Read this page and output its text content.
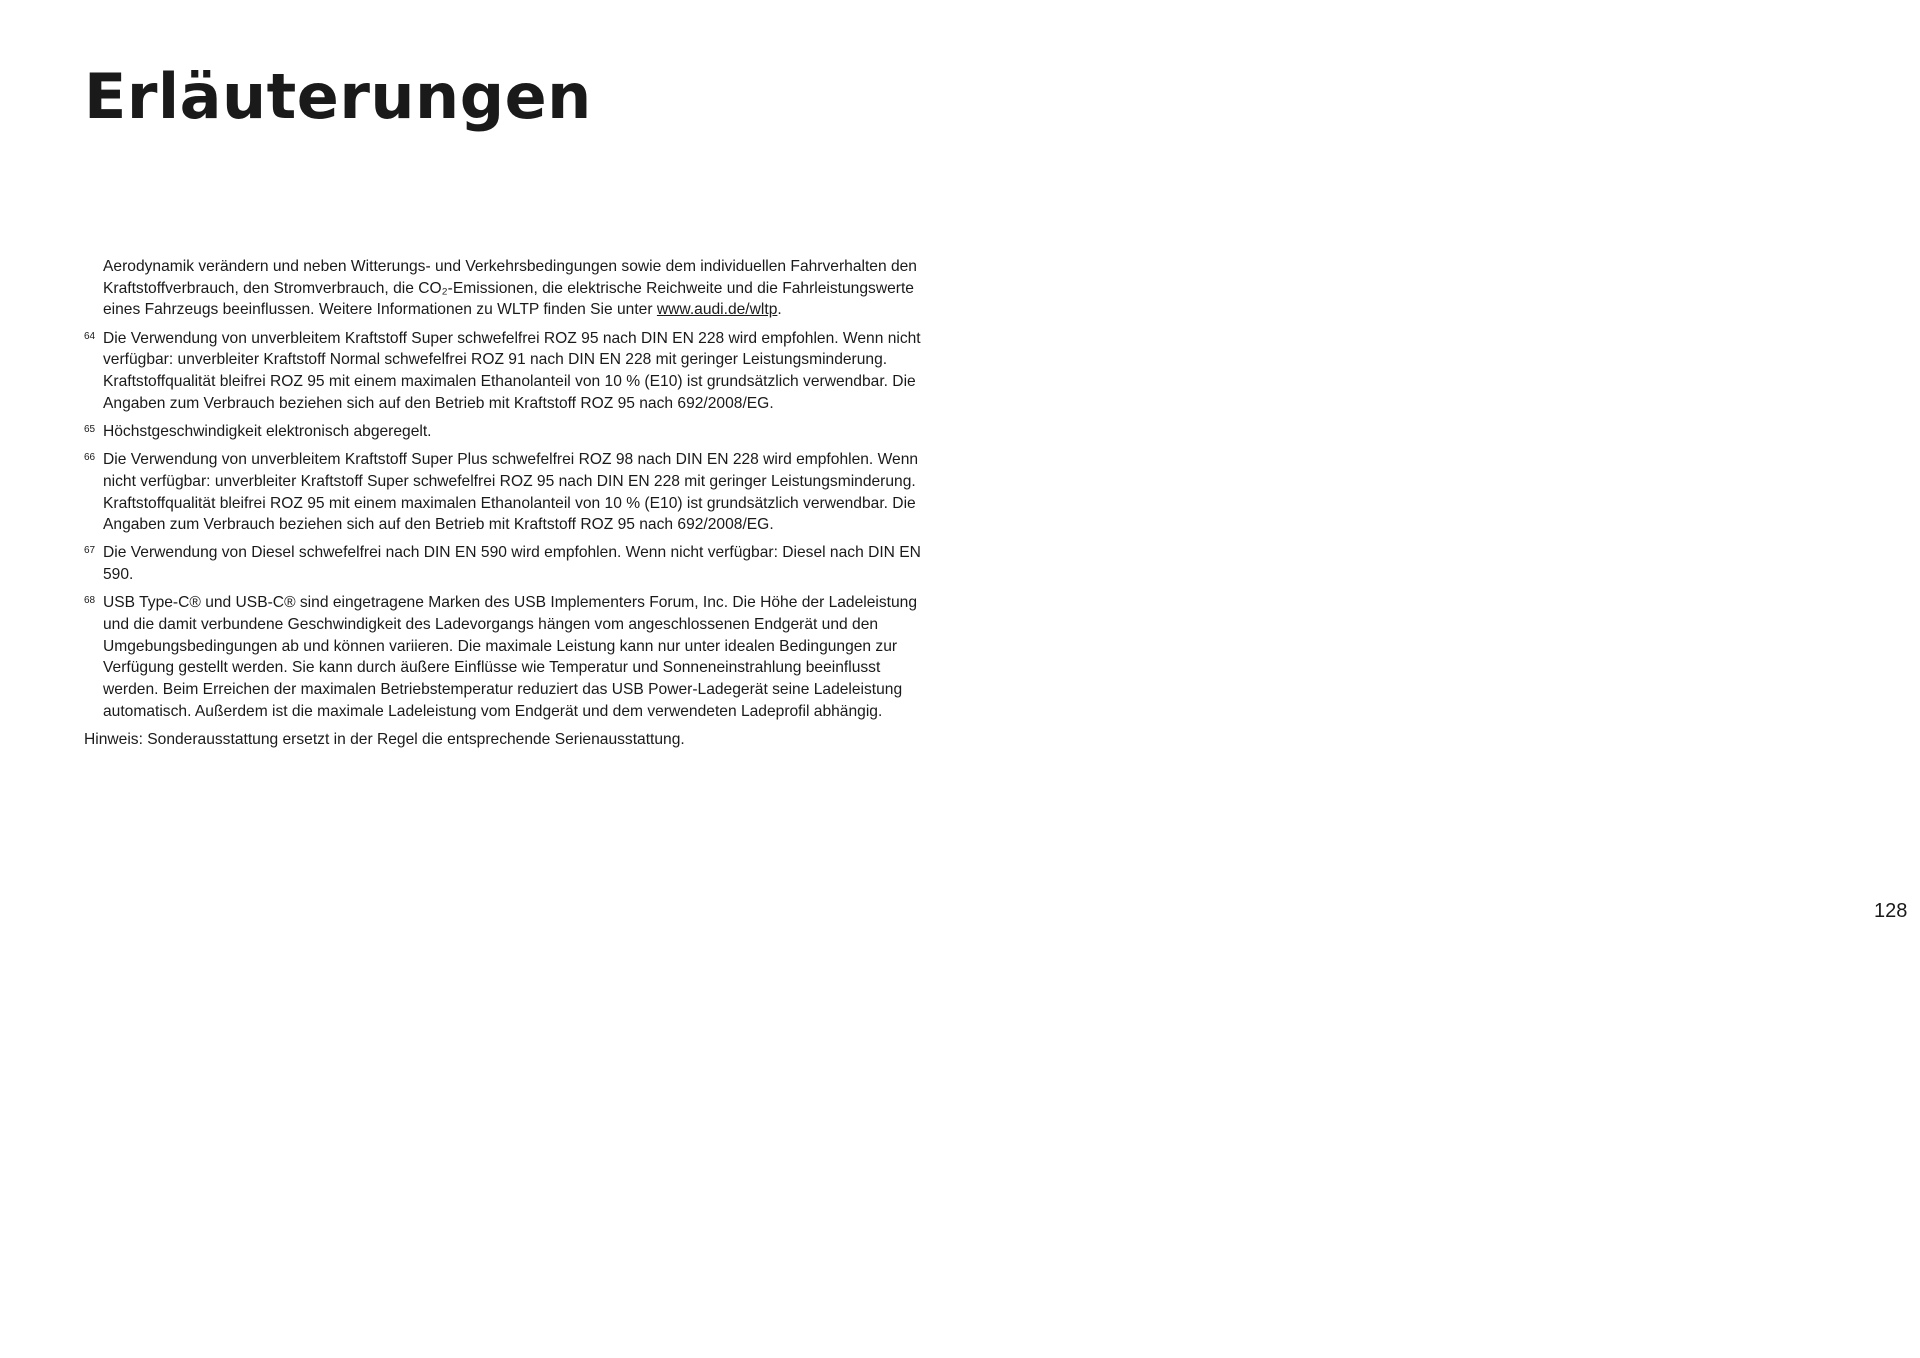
Erläuterungen
Aerodynamik verändern und neben Witterungs- und Verkehrsbedingungen sowie dem individuellen Fahrverhalten den Kraftstoffverbrauch, den Stromverbrauch, die CO₂-Emissionen, die elektrische Reichweite und die Fahrleistungswerte eines Fahrzeugs beeinflussen. Weitere Informationen zu WLTP finden Sie unter www.audi.de/wltp.
64 Die Verwendung von unverbleitem Kraftstoff Super schwefelfrei ROZ 95 nach DIN EN 228 wird empfohlen. Wenn nicht verfügbar: unverbleiter Kraftstoff Normal schwefelfrei ROZ 91 nach DIN EN 228 mit geringer Leistungsminderung. Kraftstoffqualität bleifrei ROZ 95 mit einem maximalen Ethanolanteil von 10 % (E10) ist grundsätzlich verwendbar. Die Angaben zum Verbrauch beziehen sich auf den Betrieb mit Kraftstoff ROZ 95 nach 692/2008/EG.
65 Höchstgeschwindigkeit elektronisch abgeregelt.
66 Die Verwendung von unverbleitem Kraftstoff Super Plus schwefelfrei ROZ 98 nach DIN EN 228 wird empfohlen. Wenn nicht verfügbar: unverbleiter Kraftstoff Super schwefelfrei ROZ 95 nach DIN EN 228 mit geringer Leistungsminderung. Kraftstoffqualität bleifrei ROZ 95 mit einem maximalen Ethanolanteil von 10 % (E10) ist grundsätzlich verwendbar. Die Angaben zum Verbrauch beziehen sich auf den Betrieb mit Kraftstoff ROZ 95 nach 692/2008/EG.
67 Die Verwendung von Diesel schwefelfrei nach DIN EN 590 wird empfohlen. Wenn nicht verfügbar: Diesel nach DIN EN 590.
68 USB Type-C® und USB-C® sind eingetragene Marken des USB Implementers Forum, Inc. Die Höhe der Ladeleistung und die damit verbundene Geschwindigkeit des Ladevorgangs hängen vom angeschlossenen Endgerät und den Umgebungsbedingungen ab und können variieren. Die maximale Leistung kann nur unter idealen Bedingungen zur Verfügung gestellt werden. Sie kann durch äußere Einflüsse wie Temperatur und Sonneneinstrahlung beeinflusst werden. Beim Erreichen der maximalen Betriebstemperatur reduziert das USB Power-Ladegerät seine Ladeleistung automatisch. Außerdem ist die maximale Ladeleistung vom Endgerät und dem verwendeten Ladeprofil abhängig.
Hinweis: Sonderausstattung ersetzt in der Regel die entsprechende Serienausstattung.
128
